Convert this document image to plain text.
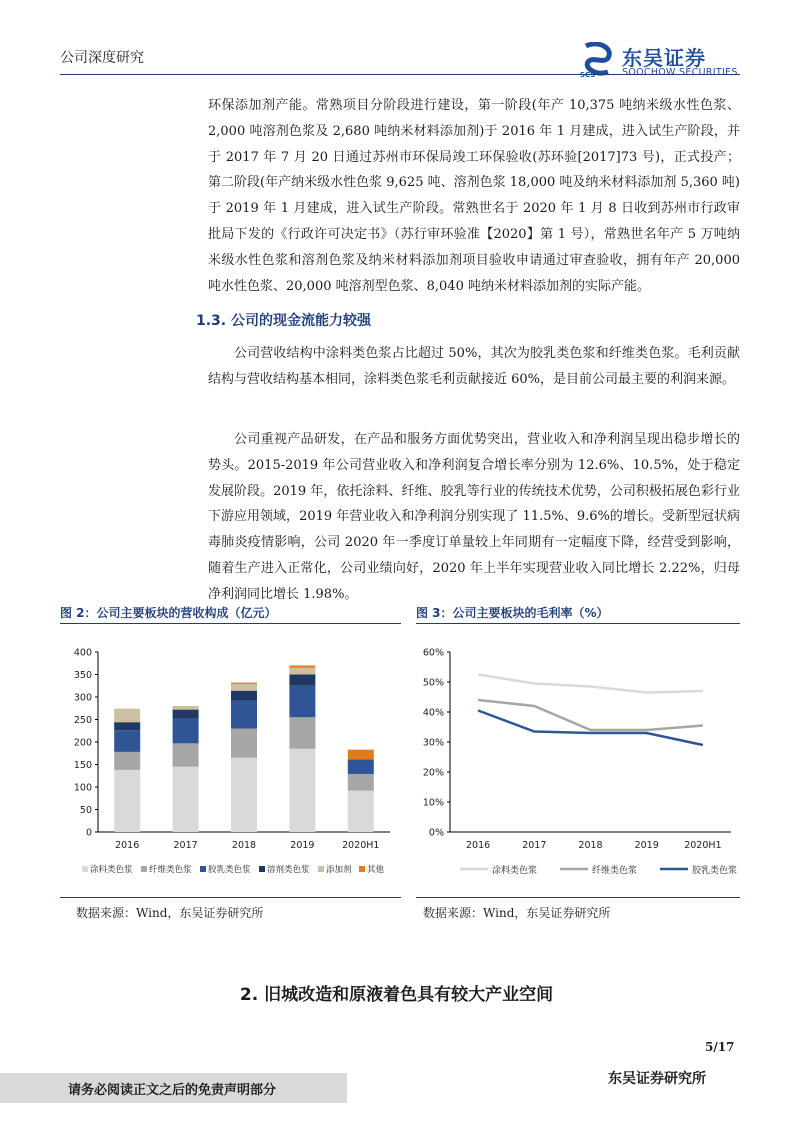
公司深度研究
SCS
东吴证券
SOOCHOW SECURITIES

环保添加剂产能。常熟项目分阶段进行建设，第一阶段(年产 10,375 吨纳米级水性色浆、2,000 吨溶剂色浆及 2,680 吨纳米材料添加剂)于 2016 年 1 月建成，进入试生产阶段，并于 2017 年 7 月 20 日通过苏州市环保局竣工环保验收(苏环验[2017]73 号)，正式投产；第二阶段(年产纳米级水性色浆 9,625 吨、溶剂色浆 18,000 吨及纳米材料添加剂 5,360 吨)于 2019 年 1 月建成，进入试生产阶段。常熟世名于 2020 年 1 月 8 日收到苏州市行政审批局下发的《行政许可决定书》（苏行审环验准【2020】第 1 号），常熟世名年产 5 万吨纳米级水性色浆和溶剂色浆及纳米材料添加剂项目验收申请通过审查验收，拥有年产 20,000 吨水性色浆、20,000 吨溶剂型色浆、8,040 吨纳米材料添加剂的实际产能。

1.3. 公司的现金流能力较强

公司营收结构中涂料类色浆占比超过 50%，其次为胶乳类色浆和纤维类色浆。毛利贡献结构与营收结构基本相同，涂料类色浆毛利贡献接近 60%，是目前公司最主要的利润来源。

公司重视产品研发，在产品和服务方面优势突出，营业收入和净利润呈现出稳步增长的势头。2015-2019 年公司营业收入和净利润复合增长率分别为 12.6%、10.5%，处于稳定发展阶段。2019 年，依托涂料、纤维、胶乳等行业的传统技术优势，公司积极拓展色彩行业下游应用领域，2019 年营业收入和净利润分别实现了 11.5%、9.6%的增长。受新型冠状病毒肺炎疫情影响，公司 2020 年一季度订单量较上年同期有一定幅度下降，经营受到影响，随着生产进入正常化，公司业绩向好，2020 年上半年实现营业收入同比增长 2.22%，归母净利润同比增长 1.98%。

图 2：公司主要板块的营收构成（亿元）
0
50
100
150
200
250
300
350
400
2016	2017	2018	2019	2020H1
涂料类色浆 纤维类色浆 胶乳类色浆 溶剂类色浆 添加剂 其他
数据来源：Wind，东吴证券研究所
图 3：公司主要板块的毛利率（%）
0%
10%
20%
30%
40%
50%
60%
2016	2017	2018	2019	2020H1
涂料类色浆	纤维类色浆	胶乳类色浆
数据来源：Wind，东吴证券研究所
2. 旧城改造和原液着色具有较大产业空间
5/17
请务必阅读正文之后的免责声明部分
东吴证券研究所
